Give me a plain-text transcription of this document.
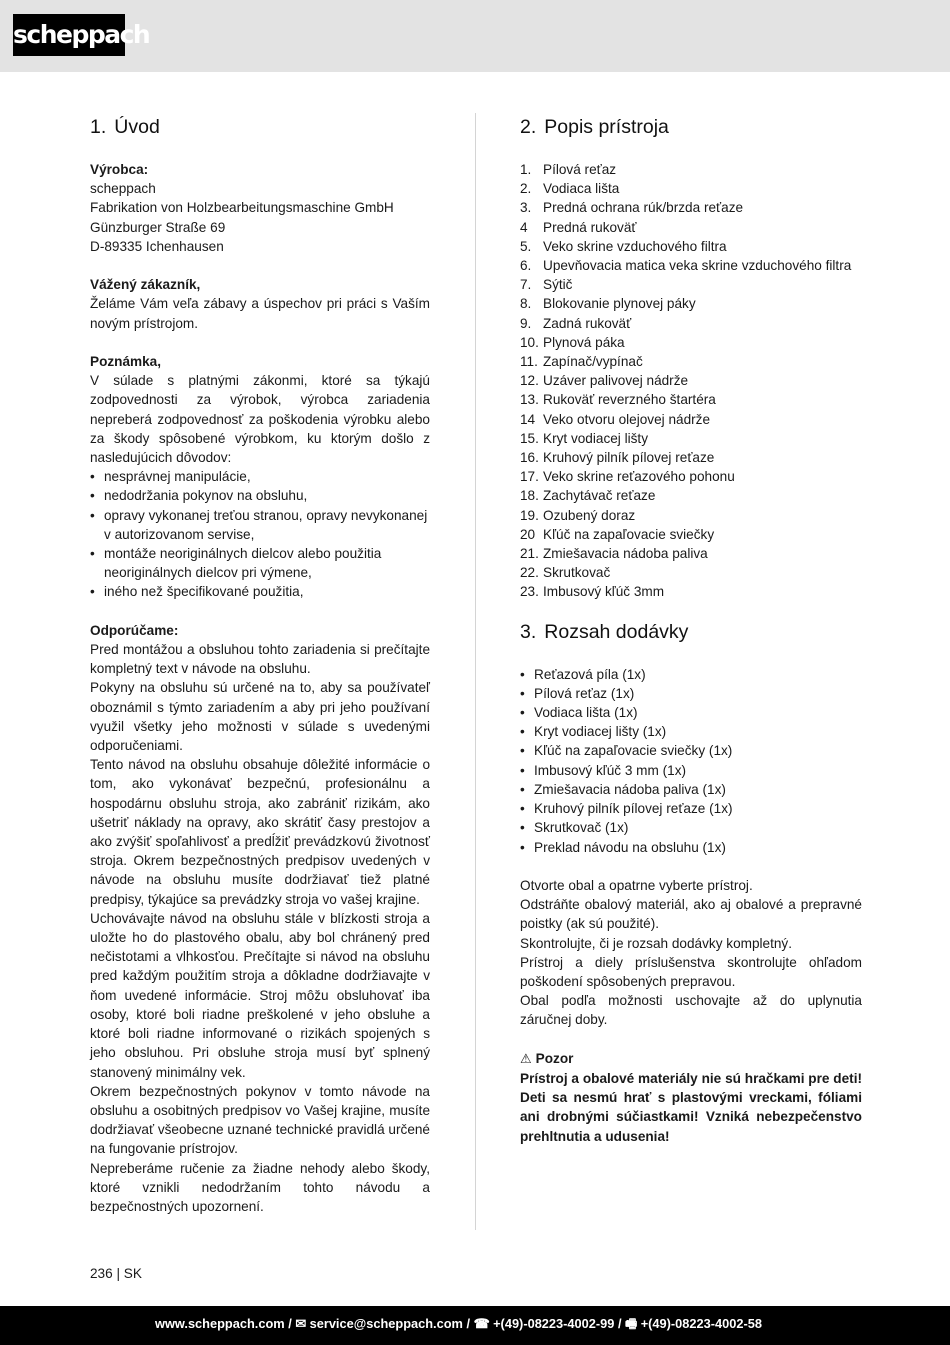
scheppach
1. Úvod
Výrobca:
scheppach
Fabrikation von Holzbearbeitungsmaschine GmbH
Günzburger Straße 69
D-89335 Ichenhausen
Vážený zákazník,

Želáme Vám veľa zábavy a úspechov pri práci s Vaším novým prístrojom.

Poznámka,

V súlade s platnými zákonmi, ktoré sa týkajú zodpovednosti za výrobok, výrobca zariadenia nepreberá zodpovednosť za poškodenia výrobku alebo za škody spôsobené výrobkom, ku ktorým došlo z nasledujúcich dôvodov:

• nesprávnej manipulácie,
• nedodržania pokynov na obsluhu,
• opravy vykonanej treťou stranou, opravy nevykonanej v autorizovanom servise,
• montáže neoriginálnych dielcov alebo použitia neoriginálnych dielcov pri výmene,
• iného než špecifikované použitia,
Odporúčame:

Pred montážou a obsluhou tohto zariadenia si prečítajte kompletný text v návode na obsluhu.

Pokyny na obsluhu sú určené na to, aby sa používateľ oboznámil s týmto zariadením a aby pri jeho používaní využil všetky jeho možnosti v súlade s uvedenými odporučeniami.

Tento návod na obsluhu obsahuje dôležité informácie o tom, ako vykonávať bezpečnú, profesionálnu a hospodárnu obsluhu stroja, ako zabrániť rizikám, ako ušetriť náklady na opravy, ako skrátiť časy prestojov a ako zvýšiť spoľahlivosť a predĺžiť prevádzkovú životnosť stroja. Okrem bezpečnostných predpisov uvedených v návode na obsluhu musíte dodržiavať tiež platné predpisy, týkajúce sa prevádzky stroja vo vašej krajine.

Uchovávajte návod na obsluhu stále v blízkosti stroja a uložte ho do plastového obalu, aby bol chránený pred nečistotami a vlhkosťou. Prečítajte si návod na obsluhu pred každým použitím stroja a dôkladne dodržiavajte v ňom uvedené informácie. Stroj môžu obsluhovať iba osoby, ktoré boli riadne preškolené v jeho obsluhe a ktoré boli riadne informované o rizikách spojených s jeho obsluhou. Pri obsluhe stroja musí byť splnený stanovený minimálny vek.

Okrem bezpečnostných pokynov v tomto návode na obsluhu a osobitných predpisov vo Vašej krajine, musíte dodržiavať všeobecne uznané technické pravidlá určené na fungovanie prístrojov.

Nepreberáme ručenie za žiadne nehody alebo škody, ktoré vznikli nedodržaním tohto návodu a bezpečnostných upozornení.

2. Popis prístroja
1. Pílová reťaz
2. Vodiaca lišta
3. Predná ochrana rúk/brzda reťaze
4	Predná rukoväť
5. Veko skrine vzduchového filtra
6. Upevňovacia matica veka skrine vzduchového filtra
7. Sýtič
8. Blokovanie plynovej páky
9. Zadná rukoväť
10. Plynová páka
11. Zapínač/vypínač
12. Uzáver palivovej nádrže
13. Rukoväť reverzného štartéra
14 Veko otvoru olejovej nádrže
15. Kryt vodiacej lišty
16. Kruhový pilník pílovej reťaze
17. Veko skrine reťazového pohonu
18. Zachytávač reťaze
19. Ozubený doraz
20 Kľúč na zapaľovacie sviečky
21. Zmiešavacia nádoba paliva
22. Skrutkovač
23. Imbusový kľúč 3mm
3. Rozsah dodávky
• Reťazová píla (1x)
• Pílová reťaz (1x)
• Vodiaca lišta (1x)
• Kryt vodiacej lišty (1x)
• Kľúč na zapaľovacie sviečky (1x)
• Imbusový kľúč 3 mm (1x)
• Zmiešavacia nádoba paliva (1x)
• Kruhový pilník pílovej reťaze (1x)
• Skrutkovač (1x)
• Preklad návodu na obsluhu (1x)

Otvorte obal a opatrne vyberte prístroj.

Odstráňte obalový materiál, ako aj obalové a prepravné poistky (ak sú použité).

Skontrolujte, či je rozsah dodávky kompletný.

Prístroj a diely príslušenstva skontrolujte ohľadom poškodení spôsobených prepravou.

Obal podľa možnosti uschovajte až do uplynutia záručnej doby.

⚠ Pozor

Prístroj a obalové materiály nie sú hračkami pre deti! Deti sa nesmú hrať s plastovými vreckami, fóliami ani drobnými súčiastkami! Vzniká nebezpečenstvo prehltnutia a udusenia!

236 | SK
www.scheppach.com / ✉ service@scheppach.com / ☎ +(49)-08223-4002-99 / 🖷 +(49)-08223-4002-58
